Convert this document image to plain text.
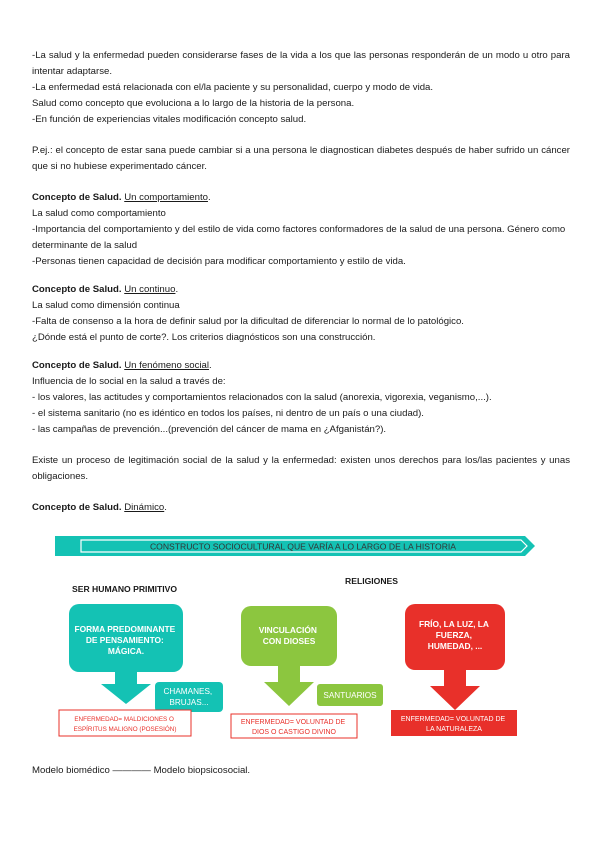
-La salud y la enfermedad pueden considerarse fases de la vida a los que las personas responderán de un modo u otro para intentar adaptarse.

-La enfermedad está relacionada con el/la paciente y su personalidad, cuerpo y modo de vida.

Salud como concepto que evoluciona a lo largo de la historia de la persona.

-En función de experiencias vitales modificación concepto salud.

P.ej.: el concepto de estar sana puede cambiar si a una persona le diagnostican diabetes después de haber sufrido un cáncer que si no hubiese experimentado cáncer.

Concepto de Salud. Un comportamiento.

La salud como comportamiento

-Importancia del comportamiento y del estilo de vida como factores conformadores de la salud de una persona. Género como determinante de la salud

-Personas tienen capacidad de decisión para modificar comportamiento y estilo de vida.

Concepto de Salud. Un continuo.

La salud como dimensión continua

-Falta de consenso a la hora de definir salud por la dificultad de diferenciar lo normal de lo patológico.

¿Dónde está el punto de corte?. Los criterios diagnósticos son una construcción.

Concepto de Salud. Un fenómeno social.

Influencia de lo social en la salud a través de:

- los valores, las actitudes y comportamientos relacionados con la salud (anorexia, vigorexia, veganismo,...).

- el sistema sanitario (no es idéntico en todos los países, ni dentro de un país o una ciudad).

- las campañas de prevención...(prevención del cáncer de mama en ¿Afganistán?).

Existe un proceso de legitimación social de la salud y la enfermedad: existen unos derechos para los/las pacientes y unas obligaciones.

Concepto de Salud. Dinámico.

CONSTRUCTO SOCIOCULTURAL QUE VARÍA A LO LARGO DE LA HISTORIA
SER HUMANO PRIMITIVO
RELIGIONES
FORMA PREDOMINANTE DE PENSAMIENTO: MÁGICA.
CHAMANES, BRUJAS...
ENFERMEDAD= MALDICIONES O ESPÍRITUS MALIGNO (POSESIÓN)
VINCULACIÓN CON DIOSES
SANTUARIOS
ENFERMEDAD= VOLUNTAD DE DIOS O CASTIGO DIVINO
FRÍO, LA LUZ, LA FUERZA, HUMEDAD, ...
ENFERMEDAD= VOLUNTAD DE LA NATURALEZA

Modelo biomédico ———— Modelo biopsicosocial.
